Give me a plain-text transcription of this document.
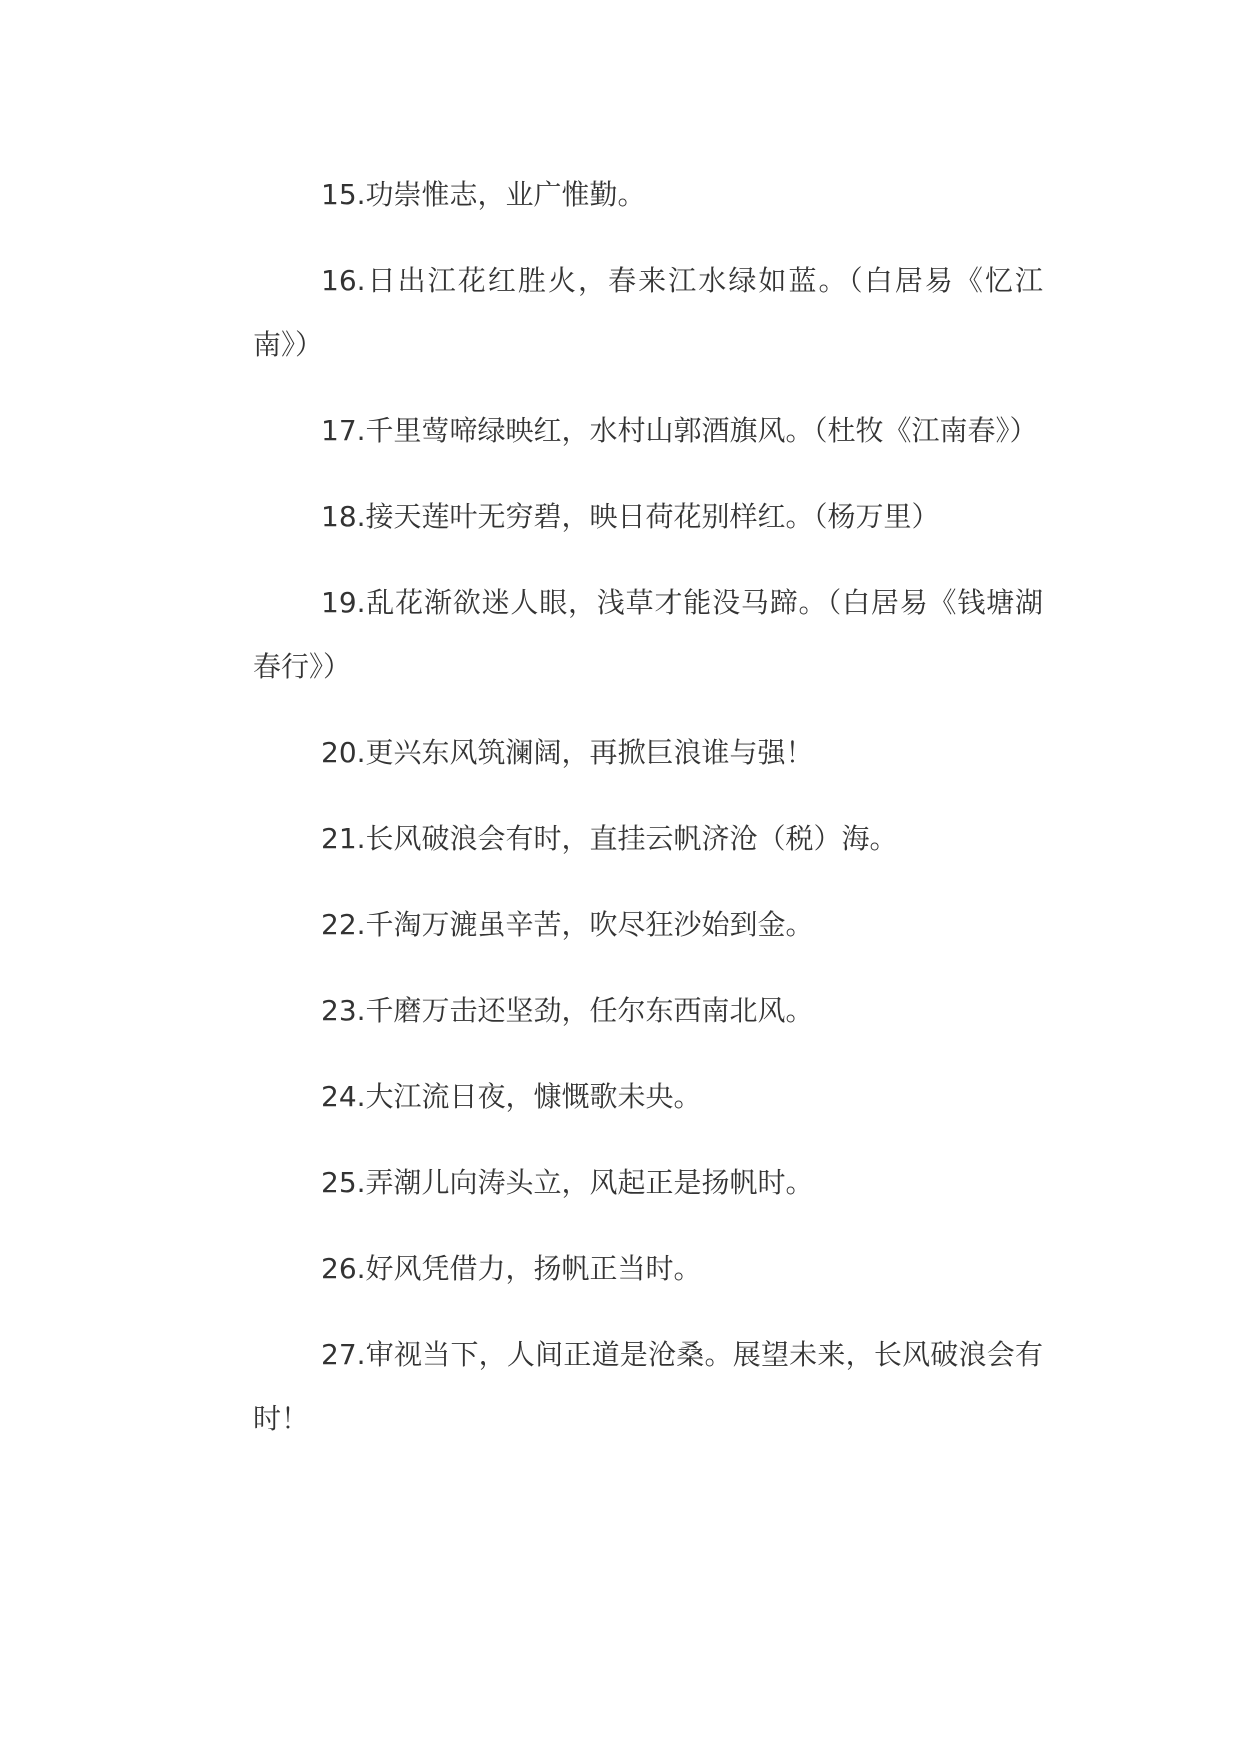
15.功崇惟志，业广惟勤。

16.日出江花红胜火，春来江水绿如蓝。（白居易《忆江南》）

17.千里莺啼绿映红，水村山郭酒旗风。（杜牧《江南春》）

18.接天莲叶无穷碧，映日荷花别样红。（杨万里）

19.乱花渐欲迷人眼，浅草才能没马蹄。（白居易《钱塘湖春行》）

20.更兴东风筑澜阔，再掀巨浪谁与强！

21.长风破浪会有时，直挂云帆济沧（税）海。

22.千淘万漉虽辛苦，吹尽狂沙始到金。

23.千磨万击还坚劲，任尔东西南北风。

24.大江流日夜，慷慨歌未央。

25.弄潮儿向涛头立，风起正是扬帆时。

26.好风凭借力，扬帆正当时。

27.审视当下，人间正道是沧桑。展望未来，长风破浪会有时！
